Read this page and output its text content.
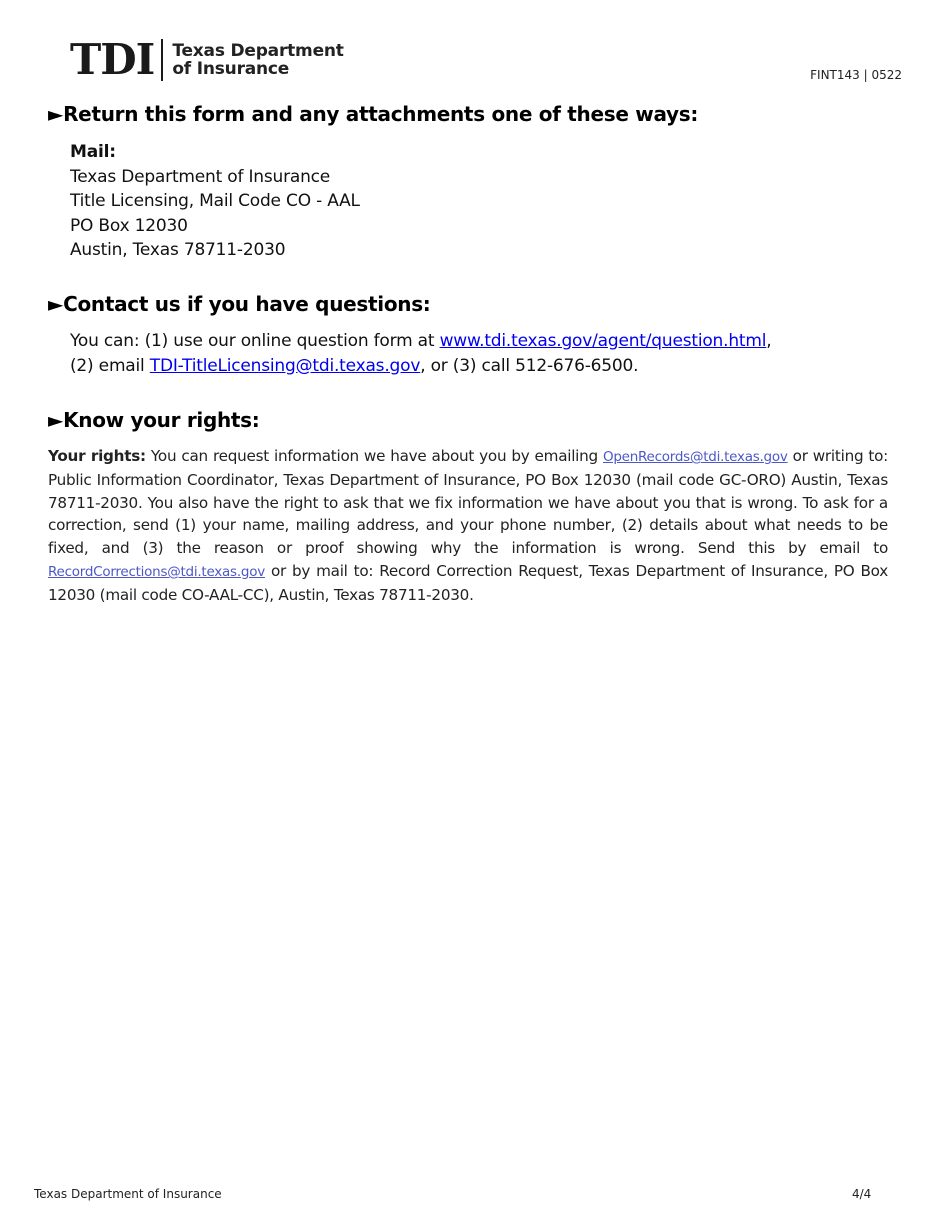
TDI Texas Department
of Insurance	FINT143 | 0522
►Return this form and any attachments one of these ways:
Mail:
Texas Department of Insurance
Title Licensing, Mail Code CO - AAL
PO Box 12030
Austin, Texas 78711-2030
►Contact us if you have questions:
You can: (1) use our online question form at www.tdi.texas.gov/agent/question.html,
(2) email TDI-TitleLicensing@tdi.texas.gov, or (3) call 512-676-6500.
►Know your rights:
Your rights: You can request information we have about you by emailing OpenRecords@tdi.texas.gov or writing to: Public Information Coordinator, Texas Department of Insurance, PO Box 12030 (mail code GC-ORO) Austin, Texas 78711-2030. You also have the right to ask that we fix information we have about you that is wrong. To ask for a correction, send (1) your name, mailing address, and your phone number, (2) details about what needs to be fixed, and (3) the reason or proof showing why the information is wrong. Send this by email to RecordCorrections@tdi.texas.gov or by mail to: Record Correction Request, Texas Department of Insurance, PO Box 12030 (mail code CO-AAL-CC), Austin, Texas 78711-2030.
Texas Department of Insurance	4/4
